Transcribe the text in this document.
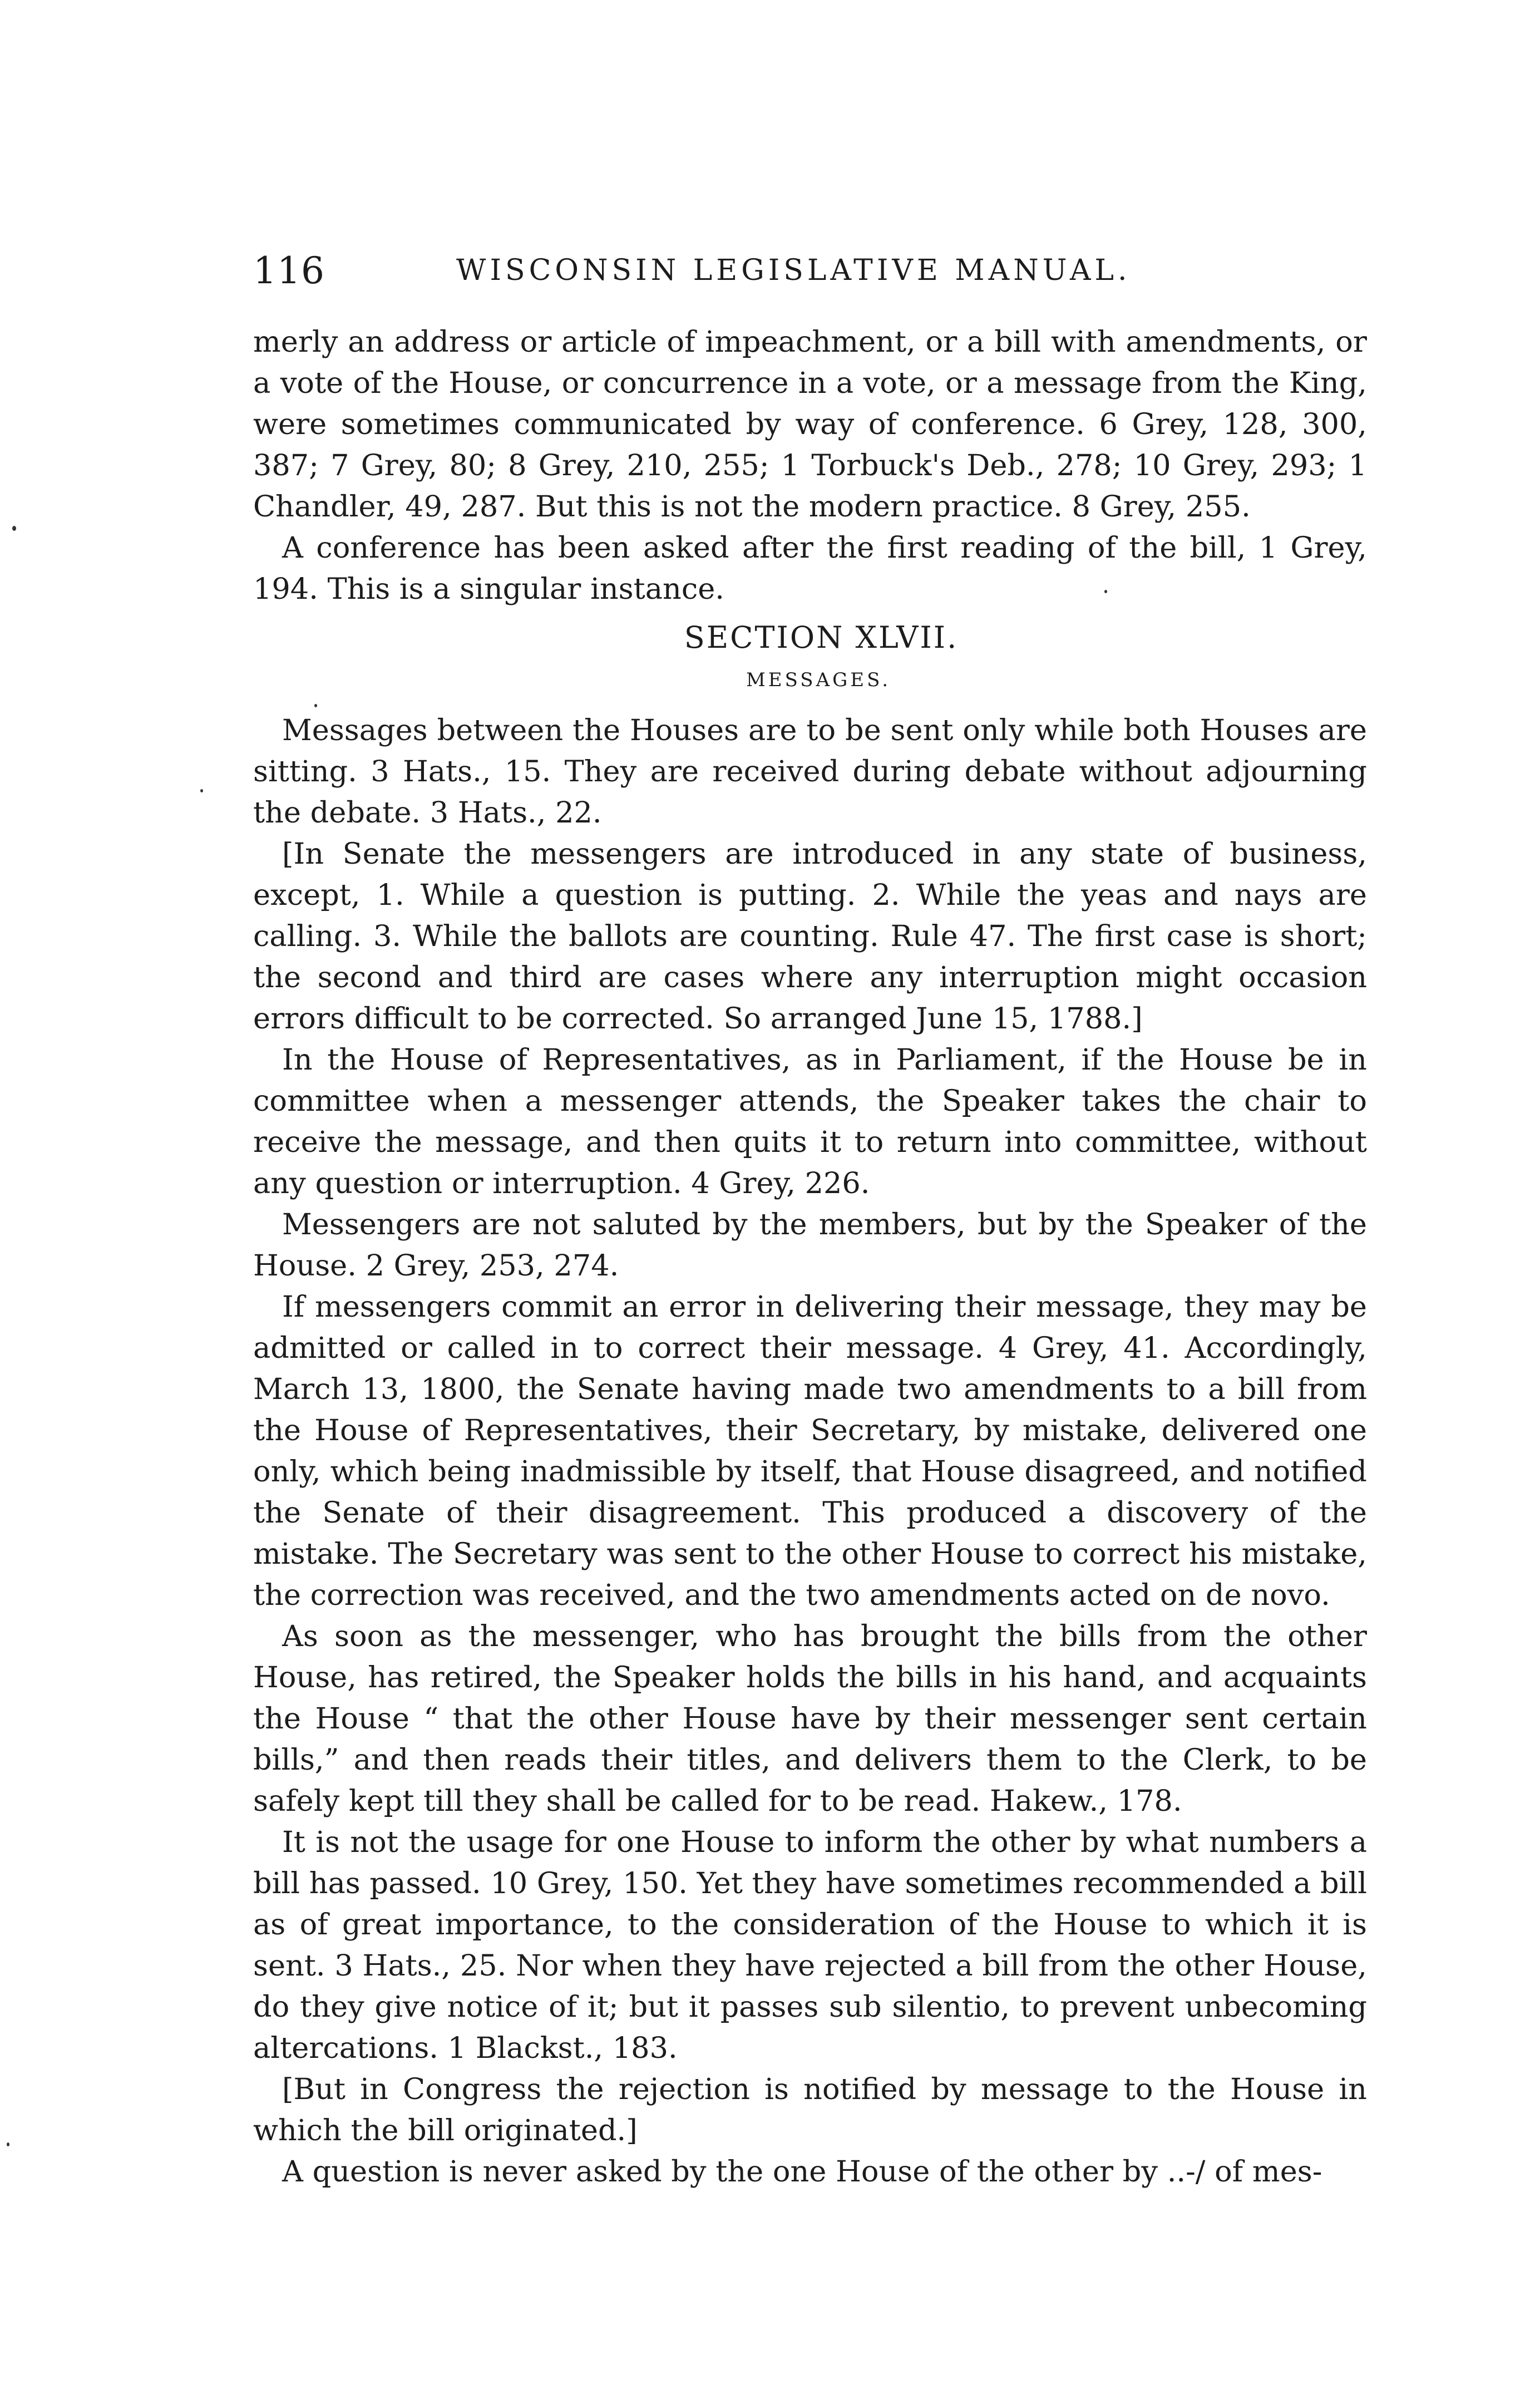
116	WISCONSIN LEGISLATIVE MANUAL.

merly an address or article of impeachment, or a bill with amendments, or a vote of the House, or concurrence in a vote, or a message from the King, were sometimes communicated by way of conference. 6 Grey, 128, 300, 387; 7 Grey, 80; 8 Grey, 210, 255; 1 Torbuck's Deb., 278; 10 Grey, 293; 1 Chandler, 49, 287. But this is not the modern practice. 8 Grey, 255.

A conference has been asked after the first reading of the bill, 1 Grey, 194. This is a singular instance.

SECTION XLVII.
MESSAGES.

Messages between the Houses are to be sent only while both Houses are sitting. 3 Hats., 15. They are received during debate without adjourning the debate. 3 Hats., 22.

[In Senate the messengers are introduced in any state of business, except, 1. While a question is putting. 2. While the yeas and nays are calling. 3. While the ballots are counting. Rule 47. The first case is short; the second and third are cases where any interruption might occasion errors difficult to be corrected. So arranged June 15, 1788.]

In the House of Representatives, as in Parliament, if the House be in committee when a messenger attends, the Speaker takes the chair to receive the message, and then quits it to return into committee, without any question or interruption. 4 Grey, 226.

Messengers are not saluted by the members, but by the Speaker of the House. 2 Grey, 253, 274.

If messengers commit an error in delivering their message, they may be admitted or called in to correct their message. 4 Grey, 41. Accordingly, March 13, 1800, the Senate having made two amendments to a bill from the House of Representatives, their Secretary, by mistake, delivered one only, which being inadmissible by itself, that House disagreed, and notified the Senate of their disagreement. This produced a discovery of the mistake. The Secretary was sent to the other House to correct his mistake, the correction was received, and the two amendments acted on de novo.

As soon as the messenger, who has brought the bills from the other House, has retired, the Speaker holds the bills in his hand, and acquaints the House “ that the other House have by their messenger sent certain bills,” and then reads their titles, and delivers them to the Clerk, to be safely kept till they shall be called for to be read. Hakew., 178.

It is not the usage for one House to inform the other by what numbers a bill has passed. 10 Grey, 150. Yet they have sometimes recommended a bill as of great importance, to the consideration of the House to which it is sent. 3 Hats., 25. Nor when they have rejected a bill from the other House, do they give notice of it; but it passes sub silentio, to prevent unbecoming altercations. 1 Blackst., 183.

[But in Congress the rejection is notified by message to the House in which the bill originated.]

A question is never asked by the one House of the other by ..-/ of mes-
